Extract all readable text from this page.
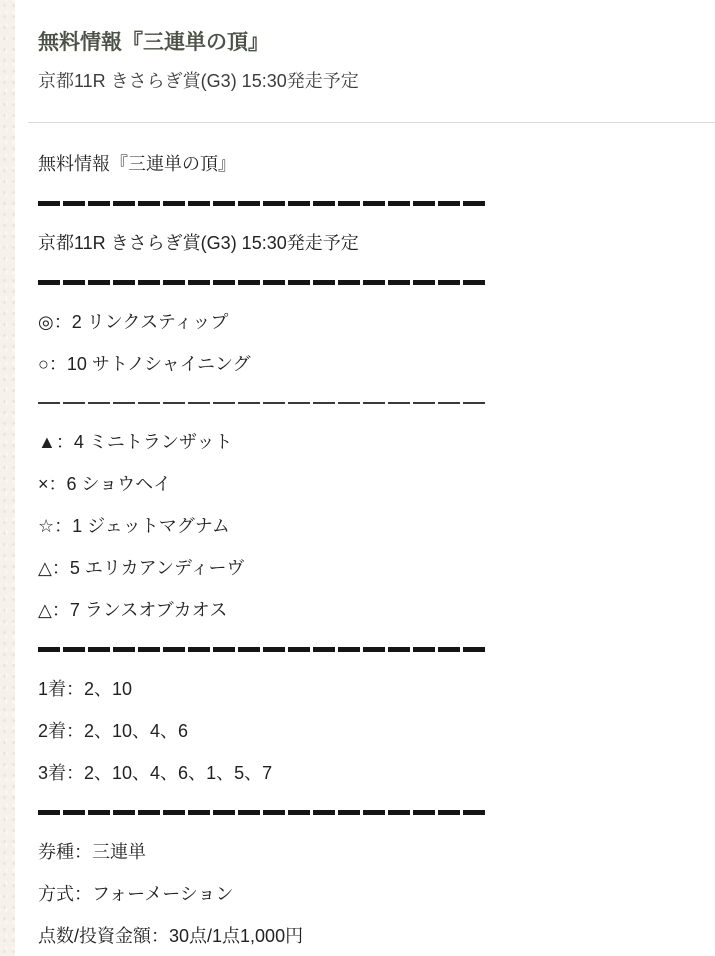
無料情報『三連単の頂』
京都11R きさらぎ賞(G3) 15:30発走予定
無料情報『三連単の頂』
京都11R きさらぎ賞(G3) 15:30発走予定
◎：2 リンクスティップ
○：10 サトノシャイニング
▲：4 ミニトランザット
×：6 ショウヘイ
☆：1 ジェットマグナム
△：5 エリカアンディーヴ
△：7 ランスオブカオス
1着：2、10
2着：2、10、4、6
3着：2、10、4、6、1、5、7
券種：三連単
方式：フォーメーション
点数/投資金額：30点/1点1,000円
